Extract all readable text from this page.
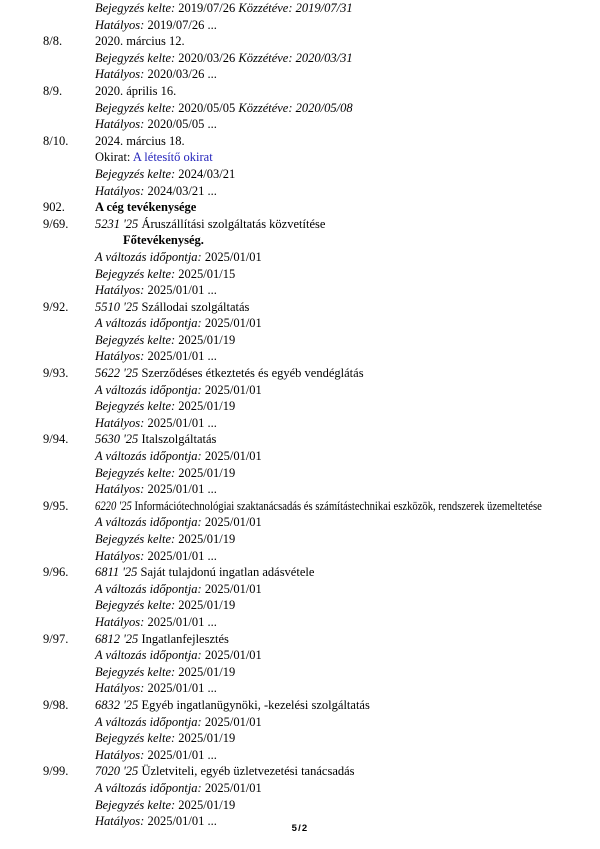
Bejegyzés kelte: 2019/07/26 Közzétéve: 2019/07/31
Hatályos: 2019/07/26 ...
8/8.	2020. március 12.
Bejegyzés kelte: 2020/03/26 Közzétéve: 2020/03/31
Hatályos: 2020/03/26 ...
8/9.	2020. április 16.
Bejegyzés kelte: 2020/05/05 Közzétéve: 2020/05/08
Hatályos: 2020/05/05 ...
8/10.	2024. március 18.
Okirat: A létesítő okirat
Bejegyzés kelte: 2024/03/21
Hatályos: 2024/03/21 ...
902.	A cég tevékenysége
9/69.	5231 '25 Áruszállítási szolgáltatás közvetítése
Főtevékenység.
A változás időpontja: 2025/01/01
Bejegyzés kelte: 2025/01/15
Hatályos: 2025/01/01 ...
9/92.	5510 '25 Szállodai szolgáltatás
A változás időpontja: 2025/01/01
Bejegyzés kelte: 2025/01/19
Hatályos: 2025/01/01 ...
9/93.	5622 '25 Szerződéses étkeztetés és egyéb vendéglátás
A változás időpontja: 2025/01/01
Bejegyzés kelte: 2025/01/19
Hatályos: 2025/01/01 ...
9/94.	5630 '25 Italszolgáltatás
A változás időpontja: 2025/01/01
Bejegyzés kelte: 2025/01/19
Hatályos: 2025/01/01 ...
9/95.	6220 '25 Információtechnológiai szaktanácsadás és számítástechnikai eszközök, rendszerek üzemeltetése
A változás időpontja: 2025/01/01
Bejegyzés kelte: 2025/01/19
Hatályos: 2025/01/01 ...
9/96.	6811 '25 Saját tulajdonú ingatlan adásvétele
A változás időpontja: 2025/01/01
Bejegyzés kelte: 2025/01/19
Hatályos: 2025/01/01 ...
9/97.	6812 '25 Ingatlanfejlesztés
A változás időpontja: 2025/01/01
Bejegyzés kelte: 2025/01/19
Hatályos: 2025/01/01 ...
9/98.	6832 '25 Egyéb ingatlanügynöki, -kezelési szolgáltatás
A változás időpontja: 2025/01/01
Bejegyzés kelte: 2025/01/19
Hatályos: 2025/01/01 ...
9/99.	7020 '25 Üzletviteli, egyéb üzletvezetési tanácsadás
A változás időpontja: 2025/01/01
Bejegyzés kelte: 2025/01/19
Hatályos: 2025/01/01 ...
5/2
